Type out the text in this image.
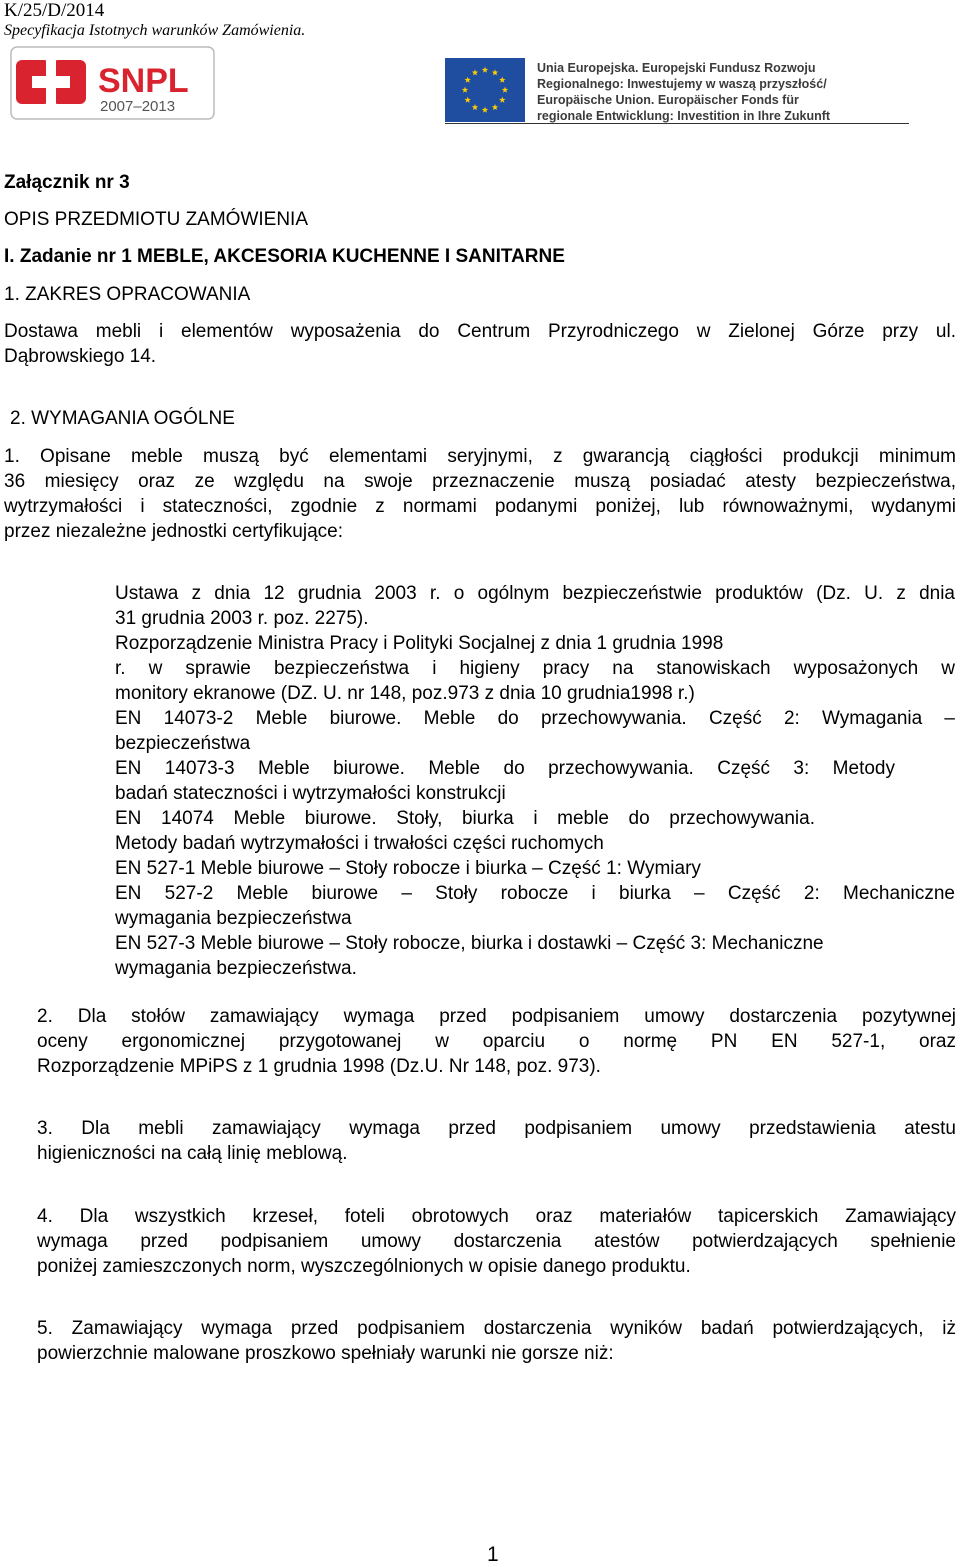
K/25/D/2014
Specyfikacja Istotnych warunków Zamówienia.
SNPL
2007–2013
Unia Europejska. Europejski Fundusz Rozwoju
Regionalnego: Inwestujemy w waszą przyszłość/
Europäische Union. Europäischer Fonds für
regionale Entwicklung: Investition in Ihre Zukunft
Załącznik nr 3
OPIS PRZEDMIOTU ZAMÓWIENIA
I. Zadanie nr 1 MEBLE, AKCESORIA KUCHENNE I SANITARNE
1. ZAKRES OPRACOWANIA
Dostawa mebli i elementów wyposażenia do Centrum Przyrodniczego w Zielonej Górze przy ul.
Dąbrowskiego 14.
2. WYMAGANIA OGÓLNE
1. Opisane meble muszą być elementami seryjnymi, z gwarancją ciągłości produkcji minimum
36 miesięcy oraz ze względu na swoje przeznaczenie muszą posiadać atesty bezpieczeństwa,
wytrzymałości i stateczności, zgodnie z normami podanymi poniżej, lub równoważnymi, wydanymi
przez niezależne jednostki certyfikujące:
Ustawa z dnia 12 grudnia 2003 r. o ogólnym bezpieczeństwie produktów (Dz. U. z dnia
31 grudnia 2003 r. poz. 2275).
Rozporządzenie Ministra Pracy i Polityki Socjalnej z dnia 1 grudnia 1998
r. w sprawie bezpieczeństwa i higieny pracy na stanowiskach wyposażonych w
monitory ekranowe (DZ. U. nr 148, poz.973 z dnia 10 grudnia1998 r.)
EN 14073-2 Meble biurowe. Meble do przechowywania. Część 2: Wymagania –
bezpieczeństwa
EN 14073-3 Meble biurowe. Meble do przechowywania. Część 3: Metody
badań stateczności i wytrzymałości konstrukcji
EN 14074 Meble biurowe. Stoły, biurka i meble do przechowywania.
Metody badań wytrzymałości i trwałości części ruchomych
EN 527-1 Meble biurowe – Stoły robocze i biurka – Część 1: Wymiary
EN 527-2 Meble biurowe – Stoły robocze i biurka – Część 2: Mechaniczne
wymagania bezpieczeństwa
EN 527-3 Meble biurowe – Stoły robocze, biurka i dostawki – Część 3: Mechaniczne
wymagania bezpieczeństwa.
2. Dla stołów zamawiający wymaga przed podpisaniem umowy dostarczenia pozytywnej
oceny ergonomicznej przygotowanej w oparciu o normę PN EN 527-1, oraz
Rozporządzenie MPiPS z 1 grudnia 1998 (Dz.U. Nr 148, poz. 973).
3. Dla mebli zamawiający wymaga przed podpisaniem umowy przedstawienia atestu
higieniczności na całą linię meblową.
4. Dla wszystkich krzeseł, foteli obrotowych oraz materiałów tapicerskich Zamawiający
wymaga przed podpisaniem umowy dostarczenia atestów potwierdzających spełnienie
poniżej zamieszczonych norm, wyszczególnionych w opisie danego produktu.
5. Zamawiający wymaga przed podpisaniem dostarczenia wyników badań potwierdzających, iż
powierzchnie malowane proszkowo spełniały warunki nie gorsze niż:
1
